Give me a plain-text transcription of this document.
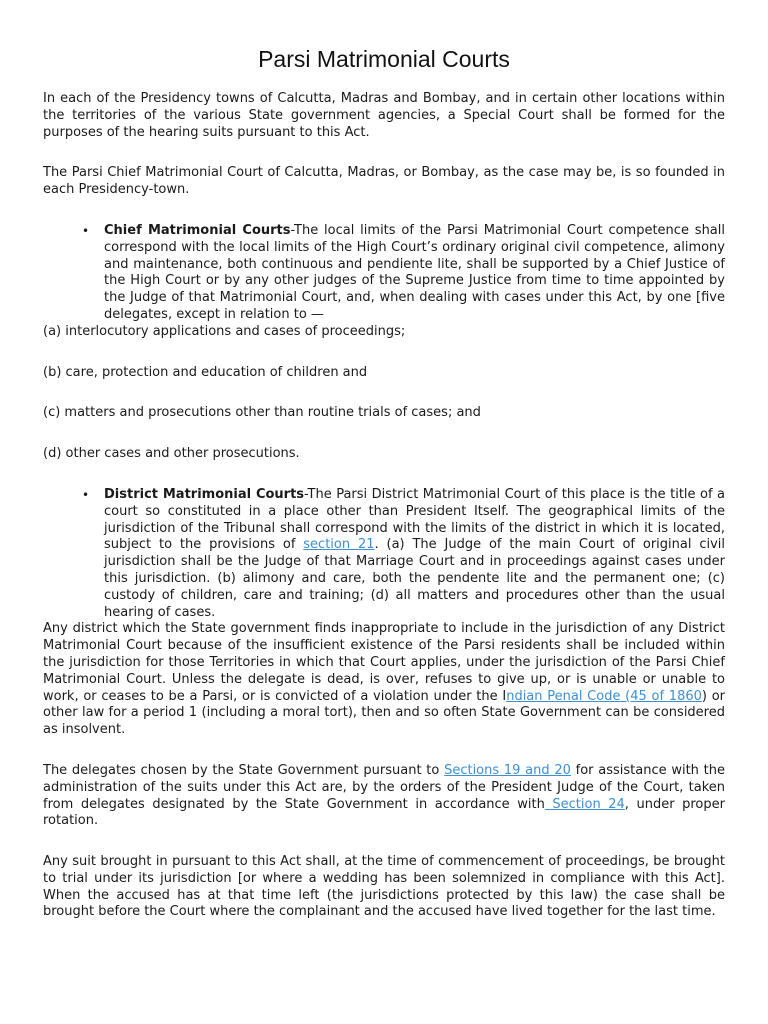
Parsi Matrimonial Courts

In each of the Presidency towns of Calcutta, Madras and Bombay, and in certain other locations within the territories of the various State government agencies, a Special Court shall be formed for the purposes of the hearing suits pursuant to this Act.

The Parsi Chief Matrimonial Court of Calcutta, Madras, or Bombay, as the case may be, is so founded in each Presidency-town.

• Chief Matrimonial Courts-The local limits of the Parsi Matrimonial Court competence shall correspond with the local limits of the High Court’s ordinary original civil competence, alimony and maintenance, both continuous and pendiente lite, shall be supported by a Chief Justice of the High Court or by any other judges of the Supreme Justice from time to time appointed by the Judge of that Matrimonial Court, and, when dealing with cases under this Act, by one [five delegates, except in relation to —
(a) interlocutory applications and cases of proceedings;
(b) care, protection and education of children and
(c) matters and prosecutions other than routine trials of cases; and
(d) other cases and other prosecutions.
• District Matrimonial Courts-The Parsi District Matrimonial Court of this place is the title of a court so constituted in a place other than President Itself. The geographical limits of the jurisdiction of the Tribunal shall correspond with the limits of the district in which it is located, subject to the provisions of section 21. (a) The Judge of the main Court of original civil jurisdiction shall be the Judge of that Marriage Court and in proceedings against cases under this jurisdiction. (b) alimony and care, both the pendente lite and the permanent one; (c) custody of children, care and training; (d) all matters and procedures other than the usual hearing of cases.

Any district which the State government finds inappropriate to include in the jurisdiction of any District Matrimonial Court because of the insufficient existence of the Parsi residents shall be included within the jurisdiction for those Territories in which that Court applies, under the jurisdiction of the Parsi Chief Matrimonial Court. Unless the delegate is dead, is over, refuses to give up, or is unable or unable to work, or ceases to be a Parsi, or is convicted of a violation under the Indian Penal Code (45 of 1860) or other law for a period 1 (including a moral tort), then and so often State Government can be considered as insolvent.

The delegates chosen by the State Government pursuant to Sections 19 and 20 for assistance with the administration of the suits under this Act are, by the orders of the President Judge of the Court, taken from delegates designated by the State Government in accordance with Section 24, under proper rotation.

Any suit brought in pursuant to this Act shall, at the time of commencement of proceedings, be brought to trial under its jurisdiction [or where a wedding has been solemnized in compliance with this Act]. When the accused has at that time left (the jurisdictions protected by this law) the case shall be brought before the Court where the complainant and the accused have lived together for the last time.
